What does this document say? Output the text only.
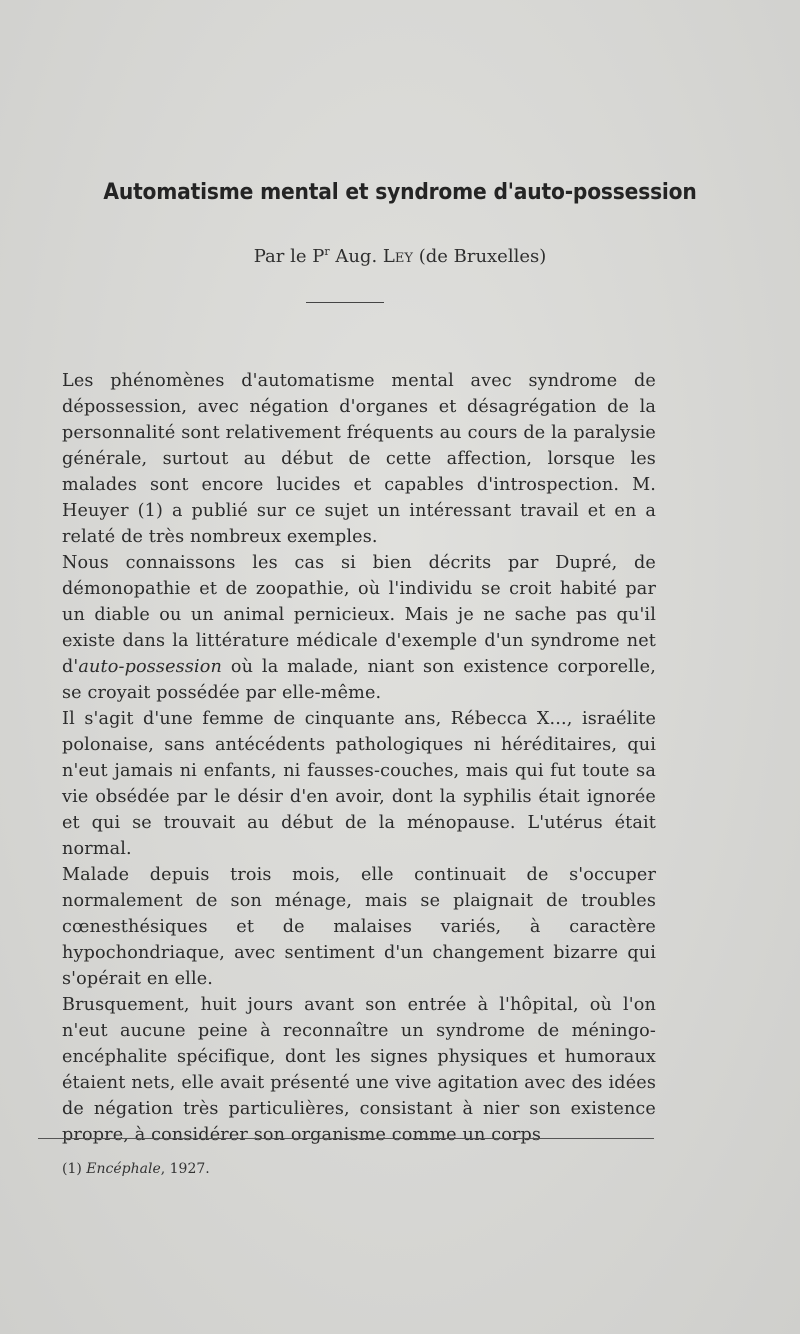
Automatisme mental et syndrome d'auto-possession
Par le $P^r$ Aug. Ley (de Bruxelles)

Les phénomènes d'automatisme mental avec syndrome de dépossession, avec négation d'organes et désagrégation de la personnalité sont relativement fréquents au cours de la paralysie générale, surtout au début de cette affection, lorsque les malades sont encore lucides et capables d'introspection. M. Heuyer (1) a publié sur ce sujet un intéressant travail et en a relaté de très nombreux exemples.

Nous connaissons les cas si bien décrits par Dupré, de démonopathie et de zoopathie, où l'individu se croit habité par un diable ou un animal pernicieux. Mais je ne sache pas qu'il existe dans la littérature médicale d'exemple d'un syndrome net d'auto-possession où la malade, niant son existence corporelle, se croyait possédée par elle-même.

Il s'agit d'une femme de cinquante ans, Rébecca X..., israélite polonaise, sans antécédents pathologiques ni héréditaires, qui n'eut jamais ni enfants, ni fausses-couches, mais qui fut toute sa vie obsédée par le désir d'en avoir, dont la syphilis était ignorée et qui se trouvait au début de la ménopause. L'utérus était normal.

Malade depuis trois mois, elle continuait de s'occuper normalement de son ménage, mais se plaignait de troubles cœnesthésiques et de malaises variés, à caractère hypochondriaque, avec sentiment d'un changement bizarre qui s'opérait en elle.

Brusquement, huit jours avant son entrée à l'hôpital, où l'on n'eut aucune peine à reconnaître un syndrome de méningo-encéphalite spécifique, dont les signes physiques et humoraux étaient nets, elle avait présenté une vive agitation avec des idées de négation très particulières, consistant à nier son existence propre, à considérer son organisme comme un corps

(1) Encéphale, 1927.
